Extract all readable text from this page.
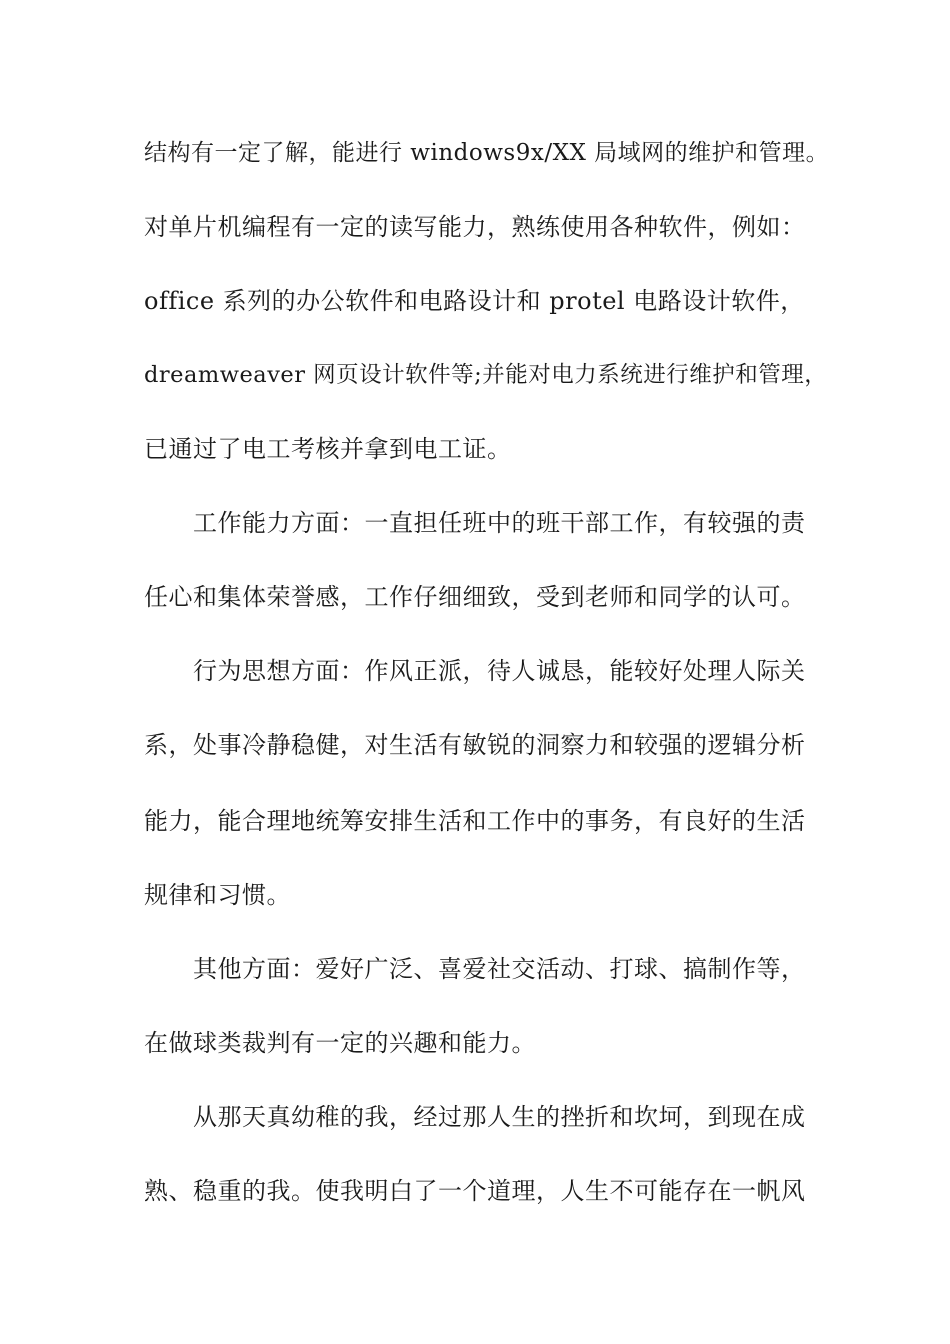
结构有一定了解，能进行 windows9x/XX 局域网的维护和管理。
对单片机编程有一定的读写能力，熟练使用各种软件，例如：
office 系列的办公软件和电路设计和 protel 电路设计软件，
dreamweaver 网页设计软件等;并能对电力系统进行维护和管理，
已通过了电工考核并拿到电工证。
工作能力方面：一直担任班中的班干部工作，有较强的责
任心和集体荣誉感，工作仔细细致，受到老师和同学的认可。
行为思想方面：作风正派，待人诚恳，能较好处理人际关
系，处事冷静稳健，对生活有敏锐的洞察力和较强的逻辑分析
能力，能合理地统筹安排生活和工作中的事务，有良好的生活
规律和习惯。
其他方面：爱好广泛、喜爱社交活动、打球、搞制作等，
在做球类裁判有一定的兴趣和能力。
从那天真幼稚的我，经过那人生的挫折和坎坷，到现在成
熟、稳重的我。使我明白了一个道理，人生不可能存在一帆风
